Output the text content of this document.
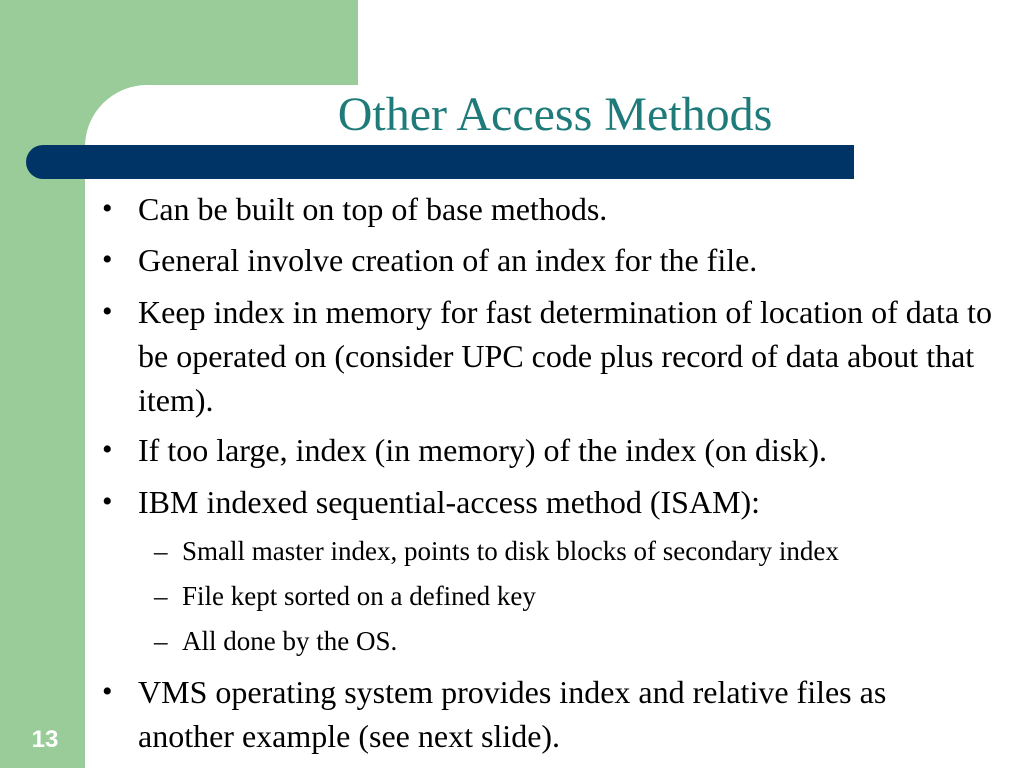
Other Access Methods
• Can be built on top of base methods.
• General involve creation of an index for the file.
• Keep index in memory for fast determination of location of data to be operated on (consider UPC code plus record of data about that item).
• If too large, index (in memory) of the index (on disk).
• IBM indexed sequential-access method (ISAM):
– Small master index, points to disk blocks of secondary index
– File kept sorted on a defined key
– All done by the OS.
• VMS operating system provides index and relative files as another example (see next slide).
13
